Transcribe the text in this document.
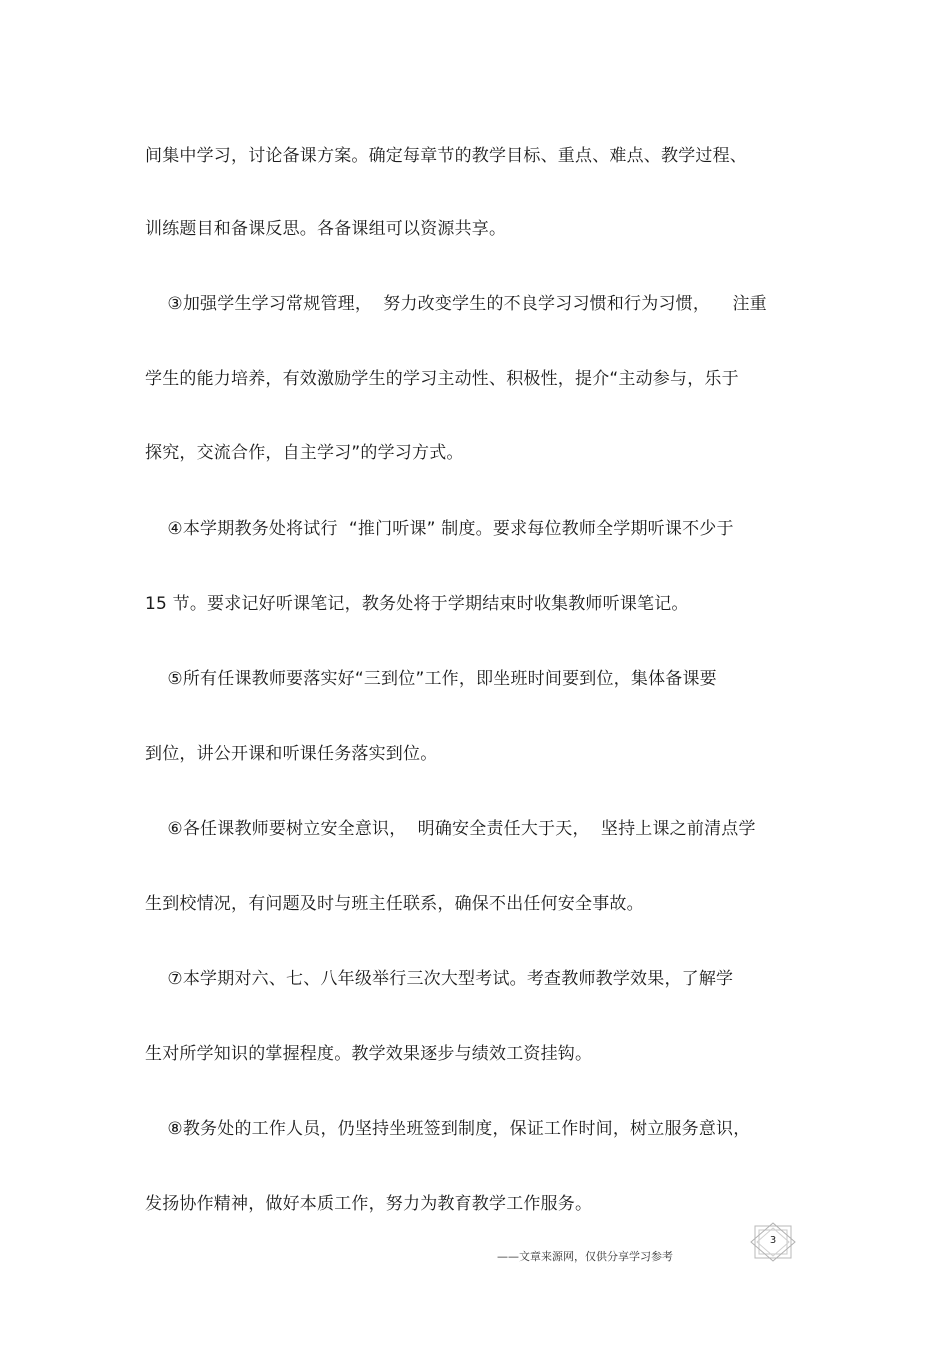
间集中学习，讨论备课方案。确定每章节的教学目标、重点、难点、教学过程、
训练题目和备课反思。各备课组可以资源共享。
③加强学生学习常规管理，  努力改变学生的不良学习习惯和行为习惯，    注重
学生的能力培养，有效激励学生的学习主动性、积极性，提介“主动参与，乐于
探究，交流合作，自主学习”的学习方式。
④本学期教务处将试行  “推门听课” 制度。要求每位教师全学期听课不少于
15 节。要求记好听课笔记，教务处将于学期结束时收集教师听课笔记。
⑤所有任课教师要落实好“三到位”工作，即坐班时间要到位，集体备课要
到位，讲公开课和听课任务落实到位。
⑥各任课教师要树立安全意识，  明确安全责任大于天，  坚持上课之前清点学
生到校情况，有问题及时与班主任联系，确保不出任何安全事故。
⑦本学期对六、七、八年级举行三次大型考试。考查教师教学效果，了解学
生对所学知识的掌握程度。教学效果逐步与绩效工资挂钩。
⑧教务处的工作人员，仍坚持坐班签到制度，保证工作时间，树立服务意识，
发扬协作精神，做好本质工作，努力为教育教学工作服务。
3
——文章来源网，仅供分享学习参考
